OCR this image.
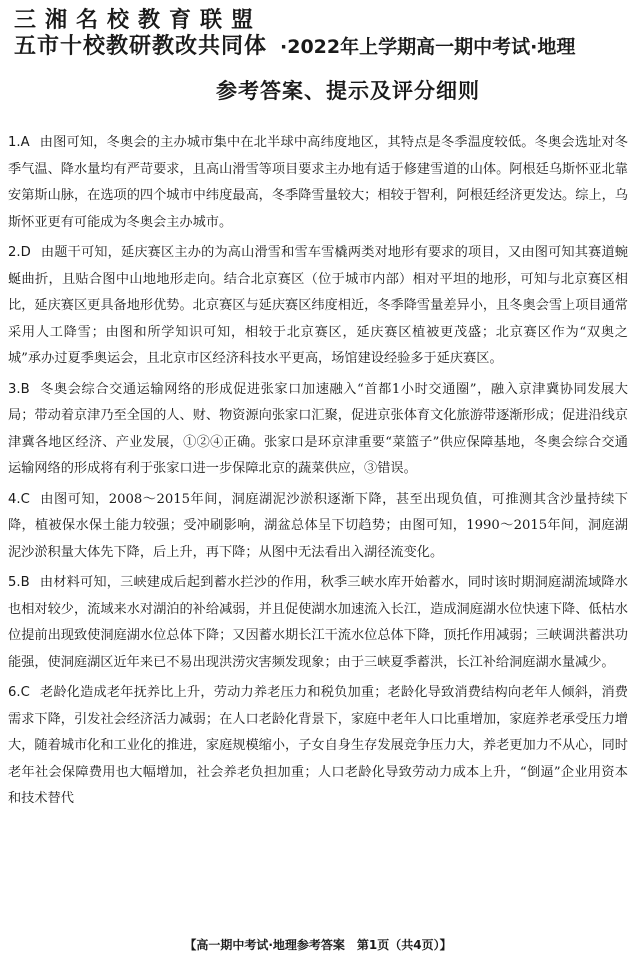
三湘名校教育联盟
五市十校教研教改共同体 ·2022年上学期高一期中考试·地理
参考答案、提示及评分细则
1.A 由图可知，冬奥会的主办城市集中在北半球中高纬度地区，其特点是冬季温度较低。冬奥会选址对冬季气温、降水量均有严苛要求，且高山滑雪等项目要求主办地有适于修建雪道的山体。阿根廷乌斯怀亚北靠安第斯山脉，在选项的四个城市中纬度最高，冬季降雪量较大；相较于智利，阿根廷经济更发达。综上，乌斯怀亚更有可能成为冬奥会主办城市。
2.D 由题干可知，延庆赛区主办的为高山滑雪和雪车雪橇两类对地形有要求的项目，又由图可知其赛道蜿蜒曲折，且贴合图中山地地形走向。结合北京赛区（位于城市内部）相对平坦的地形，可知与北京赛区相比，延庆赛区更具备地形优势。北京赛区与延庆赛区纬度相近，冬季降雪量差异小，且冬奥会雪上项目通常采用人工降雪；由图和所学知识可知，相较于北京赛区，延庆赛区植被更茂盛；北京赛区作为“双奥之城”承办过夏季奥运会，且北京市区经济科技水平更高，场馆建设经验多于延庆赛区。
3.B 冬奥会综合交通运输网络的形成促进张家口加速融入“首都1小时交通圈”，融入京津冀协同发展大局；带动着京津乃至全国的人、财、物资源向张家口汇聚，促进京张体育文化旅游带逐渐形成；促进沿线京津冀各地区经济、产业发展，①②④正确。张家口是环京津重要“菜篮子”供应保障基地，冬奥会综合交通运输网络的形成将有利于张家口进一步保障北京的蔬菜供应，③错误。
4.C 由图可知，2008～2015年间，洞庭湖泥沙淤积逐渐下降，甚至出现负值，可推测其含沙量持续下降，植被保水保土能力较强；受冲刷影响，湖盆总体呈下切趋势；由图可知，1990～2015年间，洞庭湖泥沙淤积量大体先下降，后上升，再下降；从图中无法看出入湖径流变化。
5.B 由材料可知，三峡建成后起到蓄水拦沙的作用，秋季三峡水库开始蓄水，同时该时期洞庭湖流域降水也相对较少，流域来水对湖泊的补给减弱，并且促使湖水加速流入长江，造成洞庭湖水位快速下降、低枯水位提前出现致使洞庭湖水位总体下降；又因蓄水期长江干流水位总体下降，顶托作用减弱；三峡调洪蓄洪功能强，使洞庭湖区近年来已不易出现洪涝灾害频发现象；由于三峡夏季蓄洪，长江补给洞庭湖水量减少。
6.C 老龄化造成老年抚养比上升，劳动力养老压力和税负加重；老龄化导致消费结构向老年人倾斜，消费需求下降，引发社会经济活力减弱；在人口老龄化背景下，家庭中老年人口比重增加，家庭养老承受压力增大，随着城市化和工业化的推进，家庭规模缩小，子女自身生存发展竞争压力大，养老更加力不从心，同时老年社会保障费用也大幅增加，社会养老负担加重；人口老龄化导致劳动力成本上升，“倒逼”企业用资本和技术替代
【高一期中考试·地理参考答案　第1页（共4页）】
